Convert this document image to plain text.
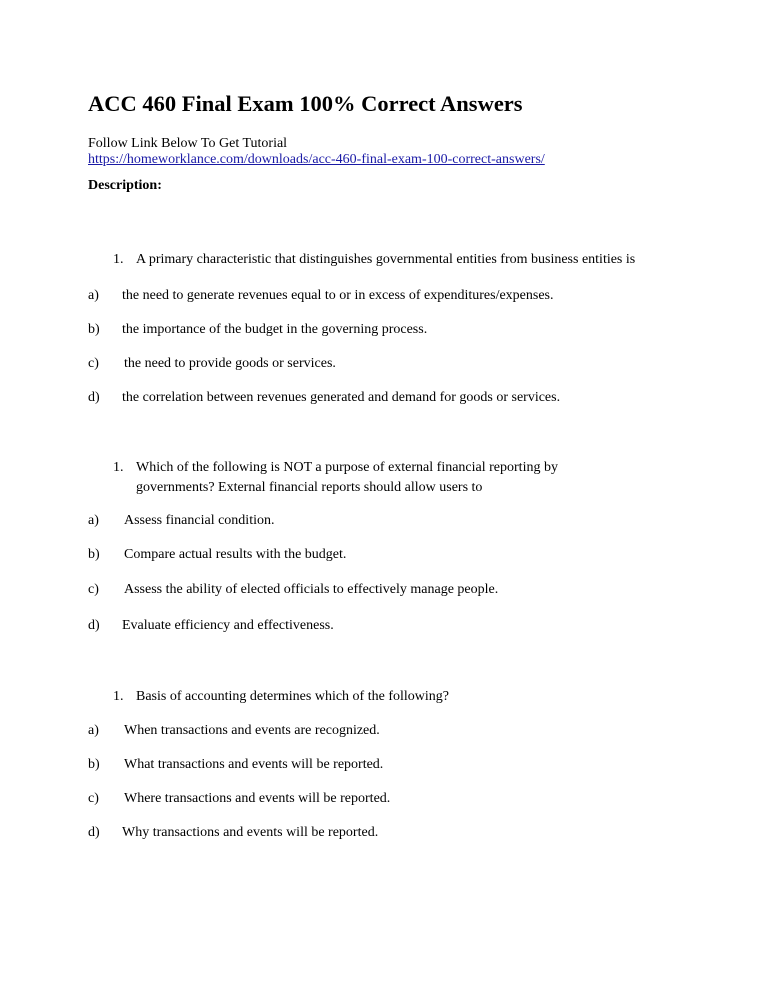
ACC 460 Final Exam 100% Correct Answers
Follow Link Below To Get Tutorial
https://homeworklance.com/downloads/acc-460-final-exam-100-correct-answers/
Description:
1. A primary characteristic that distinguishes governmental entities from business entities is
a) the need to generate revenues equal to or in excess of expenditures/expenses.
b) the importance of the budget in the governing process.
c) the need to provide goods or services.
d) the correlation between revenues generated and demand for goods or services.
1. Which of the following is NOT a purpose of external financial reporting by
governments? External financial reports should allow users to
a) Assess financial condition.
b) Compare actual results with the budget.
c) Assess the ability of elected officials to effectively manage people.
d) Evaluate efficiency and effectiveness.
1. Basis of accounting determines which of the following?
a) When transactions and events are recognized.
b) What transactions and events will be reported.
c) Where transactions and events will be reported.
d) Why transactions and events will be reported.
